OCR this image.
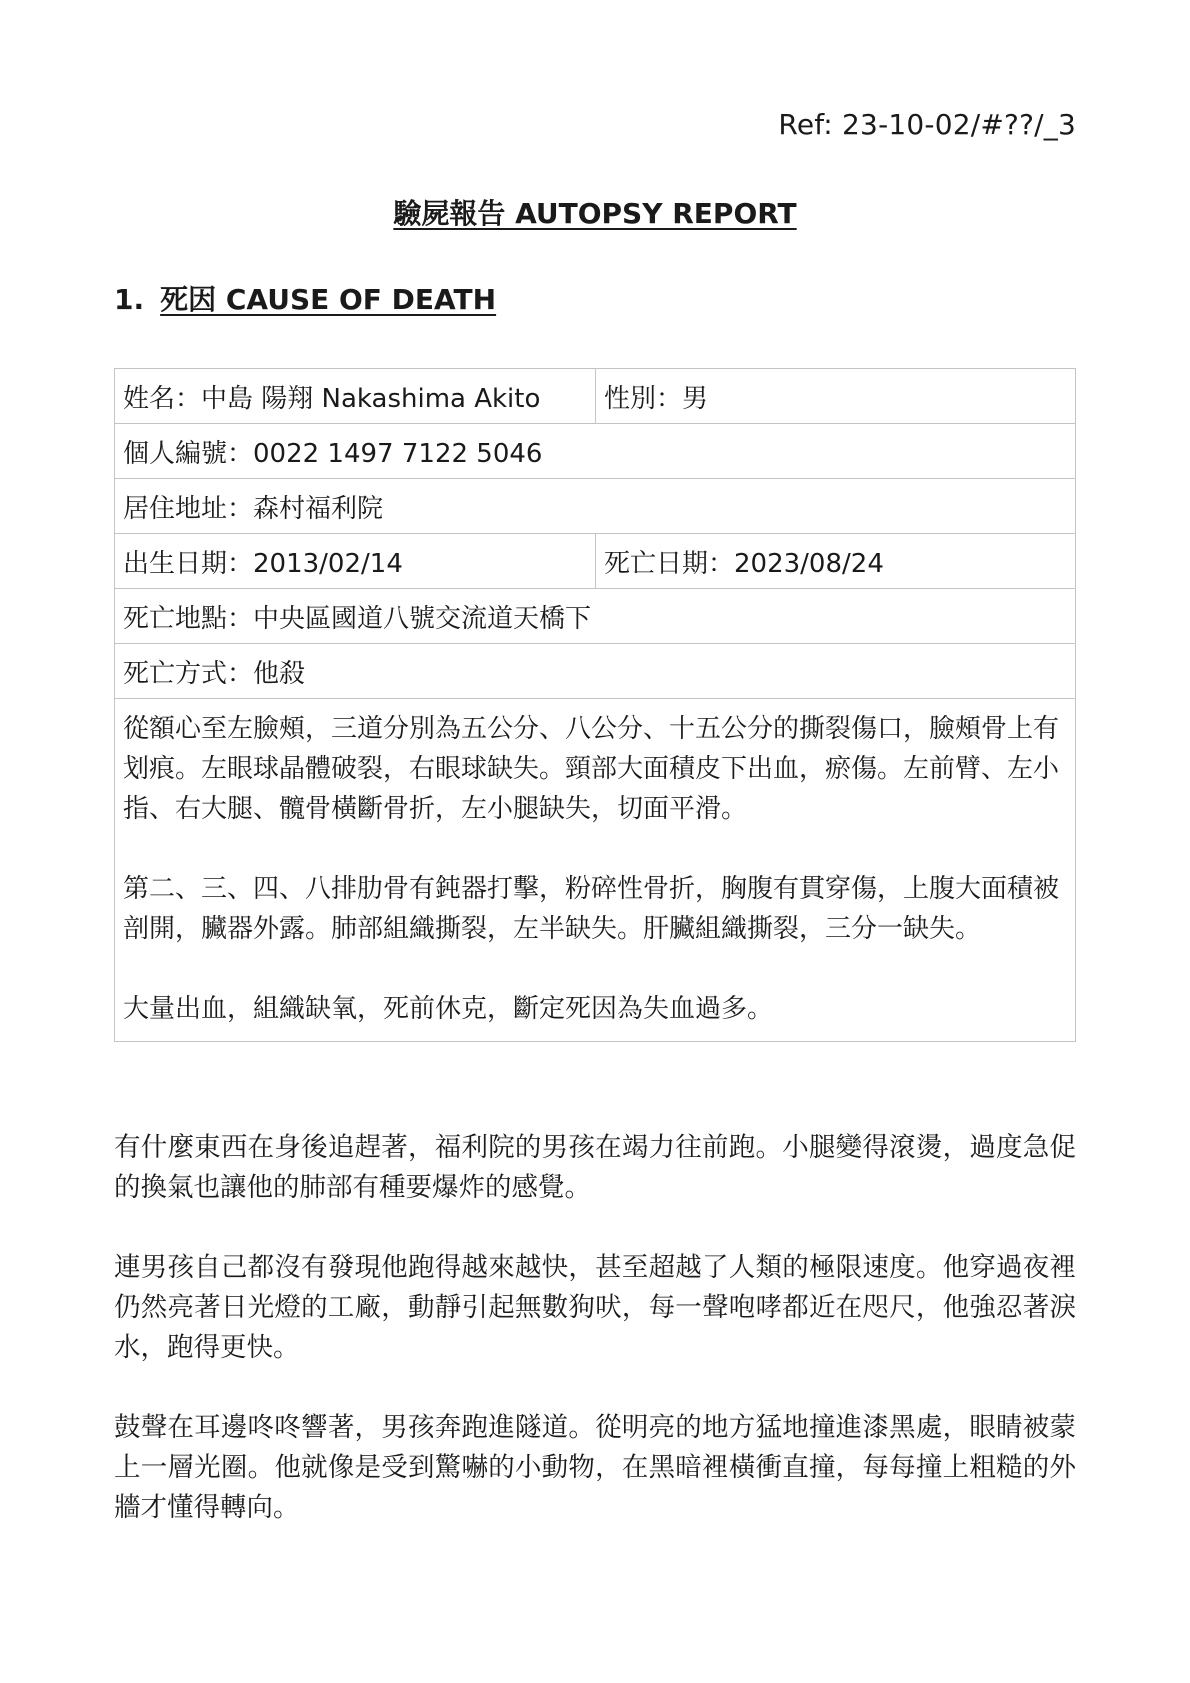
Ref: 23-10-02/#??/_3
驗屍報告 AUTOPSY REPORT
1. 死因 CAUSE OF DEATH
姓名：中島 陽翔 Nakashima Akito	性別：男
個人編號：0022 1497 7122 5046	
居住地址：森村福利院	
出生日期：2013/02/14	死亡日期：2023/08/24
死亡地點：中央區國道八號交流道天橋下	
死亡方式：他殺	

從額心至左臉頰，三道分別為五公分、八公分、十五公分的撕裂傷口，臉頰骨上有划痕。左眼球晶體破裂，右眼球缺失。頸部大面積皮下出血，瘀傷。左前臂、左小指、右大腿、髖骨橫斷骨折，左小腿缺失，切面平滑。

第二、三、四、八排肋骨有鈍器打擊，粉碎性骨折，胸腹有貫穿傷，上腹大面積被剖開，臟器外露。肺部組織撕裂，左半缺失。肝臟組織撕裂，三分一缺失。

大量出血，組織缺氧，死前休克，斷定死因為失血過多。	

有什麼東西在身後追趕著，福利院的男孩在竭力往前跑。小腿變得滾燙，過度急促的換氣也讓他的肺部有種要爆炸的感覺。

連男孩自己都沒有發現他跑得越來越快，甚至超越了人類的極限速度。他穿過夜裡仍然亮著日光燈的工廠，動靜引起無數狗吠，每一聲咆哮都近在咫尺，他強忍著淚水，跑得更快。

鼓聲在耳邊咚咚響著，男孩奔跑進隧道。從明亮的地方猛地撞進漆黑處，眼睛被蒙上一層光圈。他就像是受到驚嚇的小動物，在黑暗裡橫衝直撞，每每撞上粗糙的外牆才懂得轉向。
